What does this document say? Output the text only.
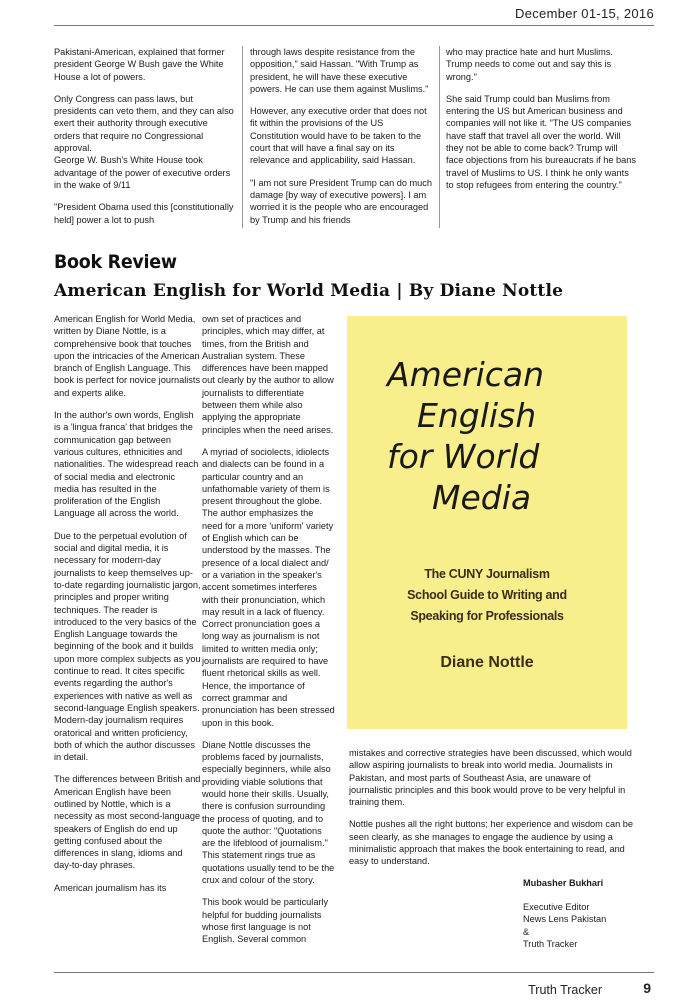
December 01-15, 2016

Pakistani-American, explained that former president George W Bush gave the White House a lot of powers.

Only Congress can pass laws, but presidents can veto them, and they can also exert their authority through executive orders that require no Congressional approval.

George W. Bush's White House took advantage of the power of executive orders in the wake of 9/11

"President Obama used this [constitutionally held] power a lot to push

through laws despite resistance from the opposition," said Hassan. "With Trump as president, he will have these executive powers. He can use them against Muslims."

However, any executive order that does not fit within the provisions of the US Constitution would have to be taken to the court that will have a final say on its relevance and applicability, said Hassan.

"I am not sure President Trump can do much damage [by way of executive powers]. I am worried it is the people who are encouraged by Trump and his friends

who may practice hate and hurt Muslims. Trump needs to come out and say this is wrong."

She said Trump could ban Muslims from entering the US but American business and companies will not like it. "The US companies have staff that travel all over the world. Will they not be able to come back? Trump will face objections from his bureaucrats if he bans travel of Muslims to US. I think he only wants to stop refugees from entering the country."

Book Review
American English for World Media | By Diane Nottle

American English for World Media, written by Diane Nottle, is a comprehensive book that touches upon the intricacies of the American branch of English Language. This book is perfect for novice journalists and experts alike.

In the author's own words, English is a 'lingua franca' that bridges the communication gap between various cultures, ethnicities and nationalities. The widespread reach of social media and electronic media has resulted in the proliferation of the English Language all across the world.

Due to the perpetual evolution of social and digital media, it is necessary for modern-day journalists to keep themselves up-to-date regarding journalistic jargon, principles and proper writing techniques. The reader is introduced to the very basics of the English Language towards the beginning of the book and it builds upon more complex subjects as you continue to read. It cites specific events regarding the author's experiences with native as well as second-language English speakers. Modern-day journalism requires oratorical and written proficiency, both of which the author discusses in detail.

The differences between British and American English have been outlined by Nottle, which is a necessity as most second-language speakers of English do end up getting confused about the differences in slang, idioms and day-to-day phrases.

American journalism has its

own set of practices and principles, which may differ, at times, from the British and Australian system. These differences have been mapped out clearly by the author to allow journalists to differentiate between them while also applying the appropriate principles when the need arises.

A myriad of sociolects, idiolects and dialects can be found in a particular country and an unfathomable variety of them is present throughout the globe. The author emphasizes the need for a more 'uniform' variety of English which can be understood by the masses. The presence of a local dialect and/ or a variation in the speaker's accent sometimes interferes with their pronunciation, which may result in a lack of fluency. Correct pronunciation goes a long way as journalism is not limited to written media only; journalists are required to have fluent rhetorical skills as well. Hence, the importance of correct grammar and pronunciation has been stressed upon in this book.

Diane Nottle discusses the problems faced by journalists, especially beginners, while also providing viable solutions that would hone their skills. Usually, there is confusion surrounding the process of quoting, and to quote the author: "Quotations are the lifeblood of journalism." This statement rings true as quotations usually tend to be the crux and colour of the story.

This book would be particularly helpful for budding journalists whose first language is not English. Several common

American
English
for World
Media
The CUNY Journalism
School Guide to Writing and
Speaking for Professionals
Diane Nottle

mistakes and corrective strategies have been discussed, which would allow aspiring journalists to break into world media. Journalists in Pakistan, and most parts of Southeast Asia, are unaware of journalistic principles and this book would prove to be very helpful in training them.

Nottle pushes all the right buttons; her experience and wisdom can be seen clearly, as she manages to engage the audience by using a minimalistic approach that makes the book entertaining to read, and easy to understand.

Mubasher Bukhari
Executive Editor
News Lens Pakistan
&
Truth Tracker
Truth Tracker	9
